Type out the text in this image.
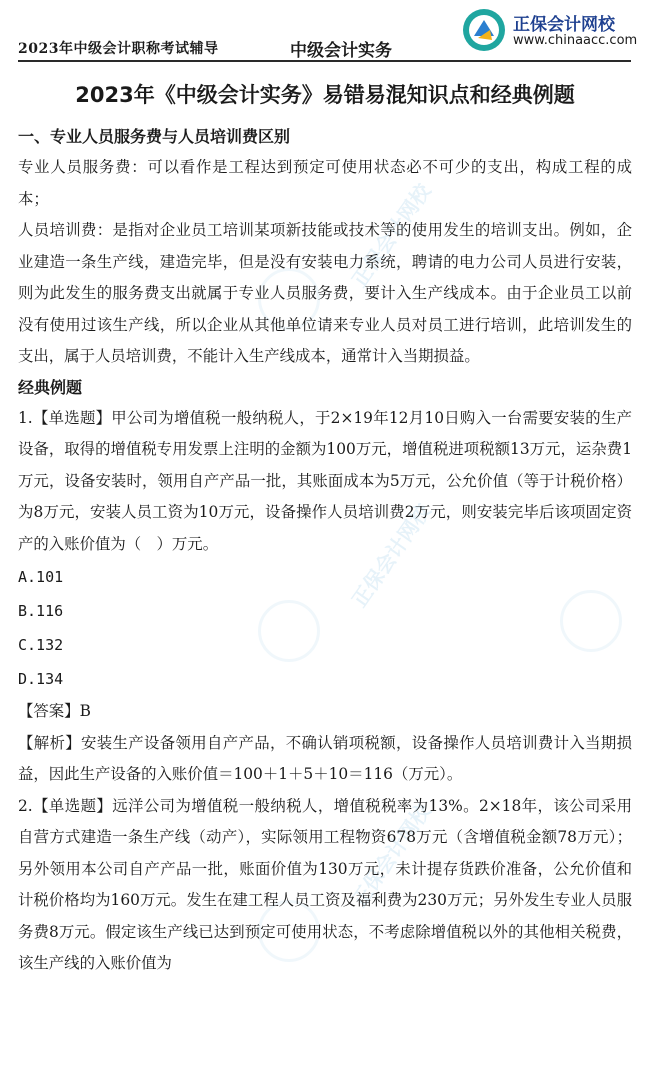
正保会计网校
正保会计网校
正保会计网校
2023年中级会计职称考试辅导	中级会计实务
正保会计网校
www.chinaacc.com
2023年《中级会计实务》易错易混知识点和经典例题
一、专业人员服务费与人员培训费区别

专业人员服务费：可以看作是工程达到预定可使用状态必不可少的支出，构成工程的成本；

人员培训费：是指对企业员工培训某项新技能或技术等的使用发生的培训支出。例如，企业建造一条生产线，建造完毕，但是没有安装电力系统，聘请的电力公司人员进行安装，则为此发生的服务费支出就属于专业人员服务费，要计入生产线成本。由于企业员工以前没有使用过该生产线，所以企业从其他单位请来专业人员对员工进行培训，此培训发生的支出，属于人员培训费，不能计入生产线成本，通常计入当期损益。

经典例题

1.【单选题】甲公司为增值税一般纳税人，于2×19年12月10日购入一台需要安装的生产设备，取得的增值税专用发票上注明的金额为100万元，增值税进项税额13万元，运杂费1万元，设备安装时，领用自产产品一批，其账面成本为5万元，公允价值（等于计税价格）为8万元，安装人员工资为10万元，设备操作人员培训费2万元，则安装完毕后该项固定资产的入账价值为（　）万元。

A.101

B.116

C.132

D.134

【答案】B

【解析】安装生产设备领用自产产品，不确认销项税额，设备操作人员培训费计入当期损益，因此生产设备的入账价值＝100＋1＋5＋10＝116（万元）。

2.【单选题】远洋公司为增值税一般纳税人，增值税税率为13%。2×18年，该公司采用自营方式建造一条生产线（动产），实际领用工程物资678万元（含增值税金额78万元）；另外领用本公司自产产品一批，账面价值为130万元，未计提存货跌价准备，公允价值和计税价格均为160万元。发生在建工程人员工资及福利费为230万元；另外发生专业人员服务费8万元。假定该生产线已达到预定可使用状态，不考虑除增值税以外的其他相关税费，该生产线的入账价值为
